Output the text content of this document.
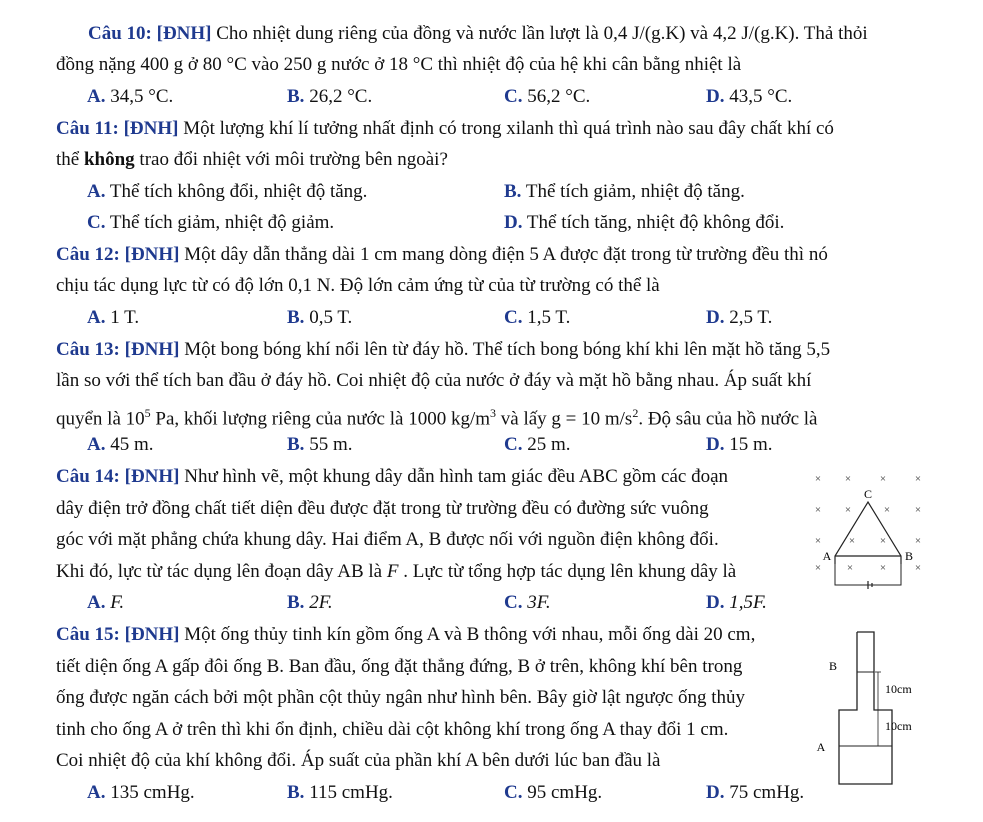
Câu 10: [ĐNH] Cho nhiệt dung riêng của đồng và nước lần lượt là 0,4 J/(g.K) và 4,2 J/(g.K). Thả thỏi
đồng nặng 400 g ở 80 °C vào 250 g nước ở 18 °C thì nhiệt độ của hệ khi cân bằng nhiệt là
A. 34,5 °C.	B. 26,2 °C.	C. 56,2 °C.	D. 43,5 °C.
Câu 11: [ĐNH] Một lượng khí lí tưởng nhất định có trong xilanh thì quá trình nào sau đây chất khí có
thể không trao đổi nhiệt với môi trường bên ngoài?
A. Thể tích không đổi, nhiệt độ tăng.	B. Thể tích giảm, nhiệt độ tăng.
C. Thể tích giảm, nhiệt độ giảm.	D. Thể tích tăng, nhiệt độ không đổi.
Câu 12: [ĐNH] Một dây dẫn thẳng dài 1 cm mang dòng điện 5 A được đặt trong từ trường đều thì nó
chịu tác dụng lực từ có độ lớn 0,1 N. Độ lớn cảm ứng từ của từ trường có thể là
A. 1 T.	B. 0,5 T.	C. 1,5 T.	D. 2,5 T.
Câu 13: [ĐNH] Một bong bóng khí nổi lên từ đáy hồ. Thể tích bong bóng khí khi lên mặt hồ tăng 5,5
lần so với thể tích ban đầu ở đáy hồ. Coi nhiệt độ của nước ở đáy và mặt hồ bằng nhau. Áp suất khí
quyển là $10^5$ Pa, khối lượng riêng của nước là 1000 $kg/m^3$ và lấy g = 10 $m/s^2$. Độ sâu của hồ nước là
A. 45 m.	B. 55 m.	C. 25 m.	D. 15 m.
Câu 14: [ĐNH] Như hình vẽ, một khung dây dẫn hình tam giác đều ABC gồm các đoạn
dây điện trở đồng chất tiết diện đều được đặt trong từ trường đều có đường sức vuông
góc với mặt phẳng chứa khung dây. Hai điểm A, B được nối với nguồn điện không đổi.
Khi đó, lực từ tác dụng lên đoạn dây AB là F . Lực từ tổng hợp tác dụng lên khung dây là
A. F.	B. 2F.	C. 3F.	D. 1,5F.
× ×	×	×
× ×	× ×
×	× ×	×
× × ×	×
C
A	B
Câu 15: [ĐNH] Một ống thủy tinh kín gồm ống A và B thông với nhau, mỗi ống dài 20 cm,
tiết diện ống A gấp đôi ống B. Ban đầu, ống đặt thẳng đứng, B ở trên, không khí bên trong
ống được ngăn cách bởi một phần cột thủy ngân như hình bên. Bây giờ lật ngược ống thủy
tinh cho ống A ở trên thì khi ổn định, chiều dài cột không khí trong ống A thay đổi 1 cm.
Coi nhiệt độ của khí không đổi. Áp suất của phần khí A bên dưới lúc ban đầu là
A. 135 cmHg.	B. 115 cmHg.	C. 95 cmHg.	D. 75 cmHg.
B
A
10cm
10cm
